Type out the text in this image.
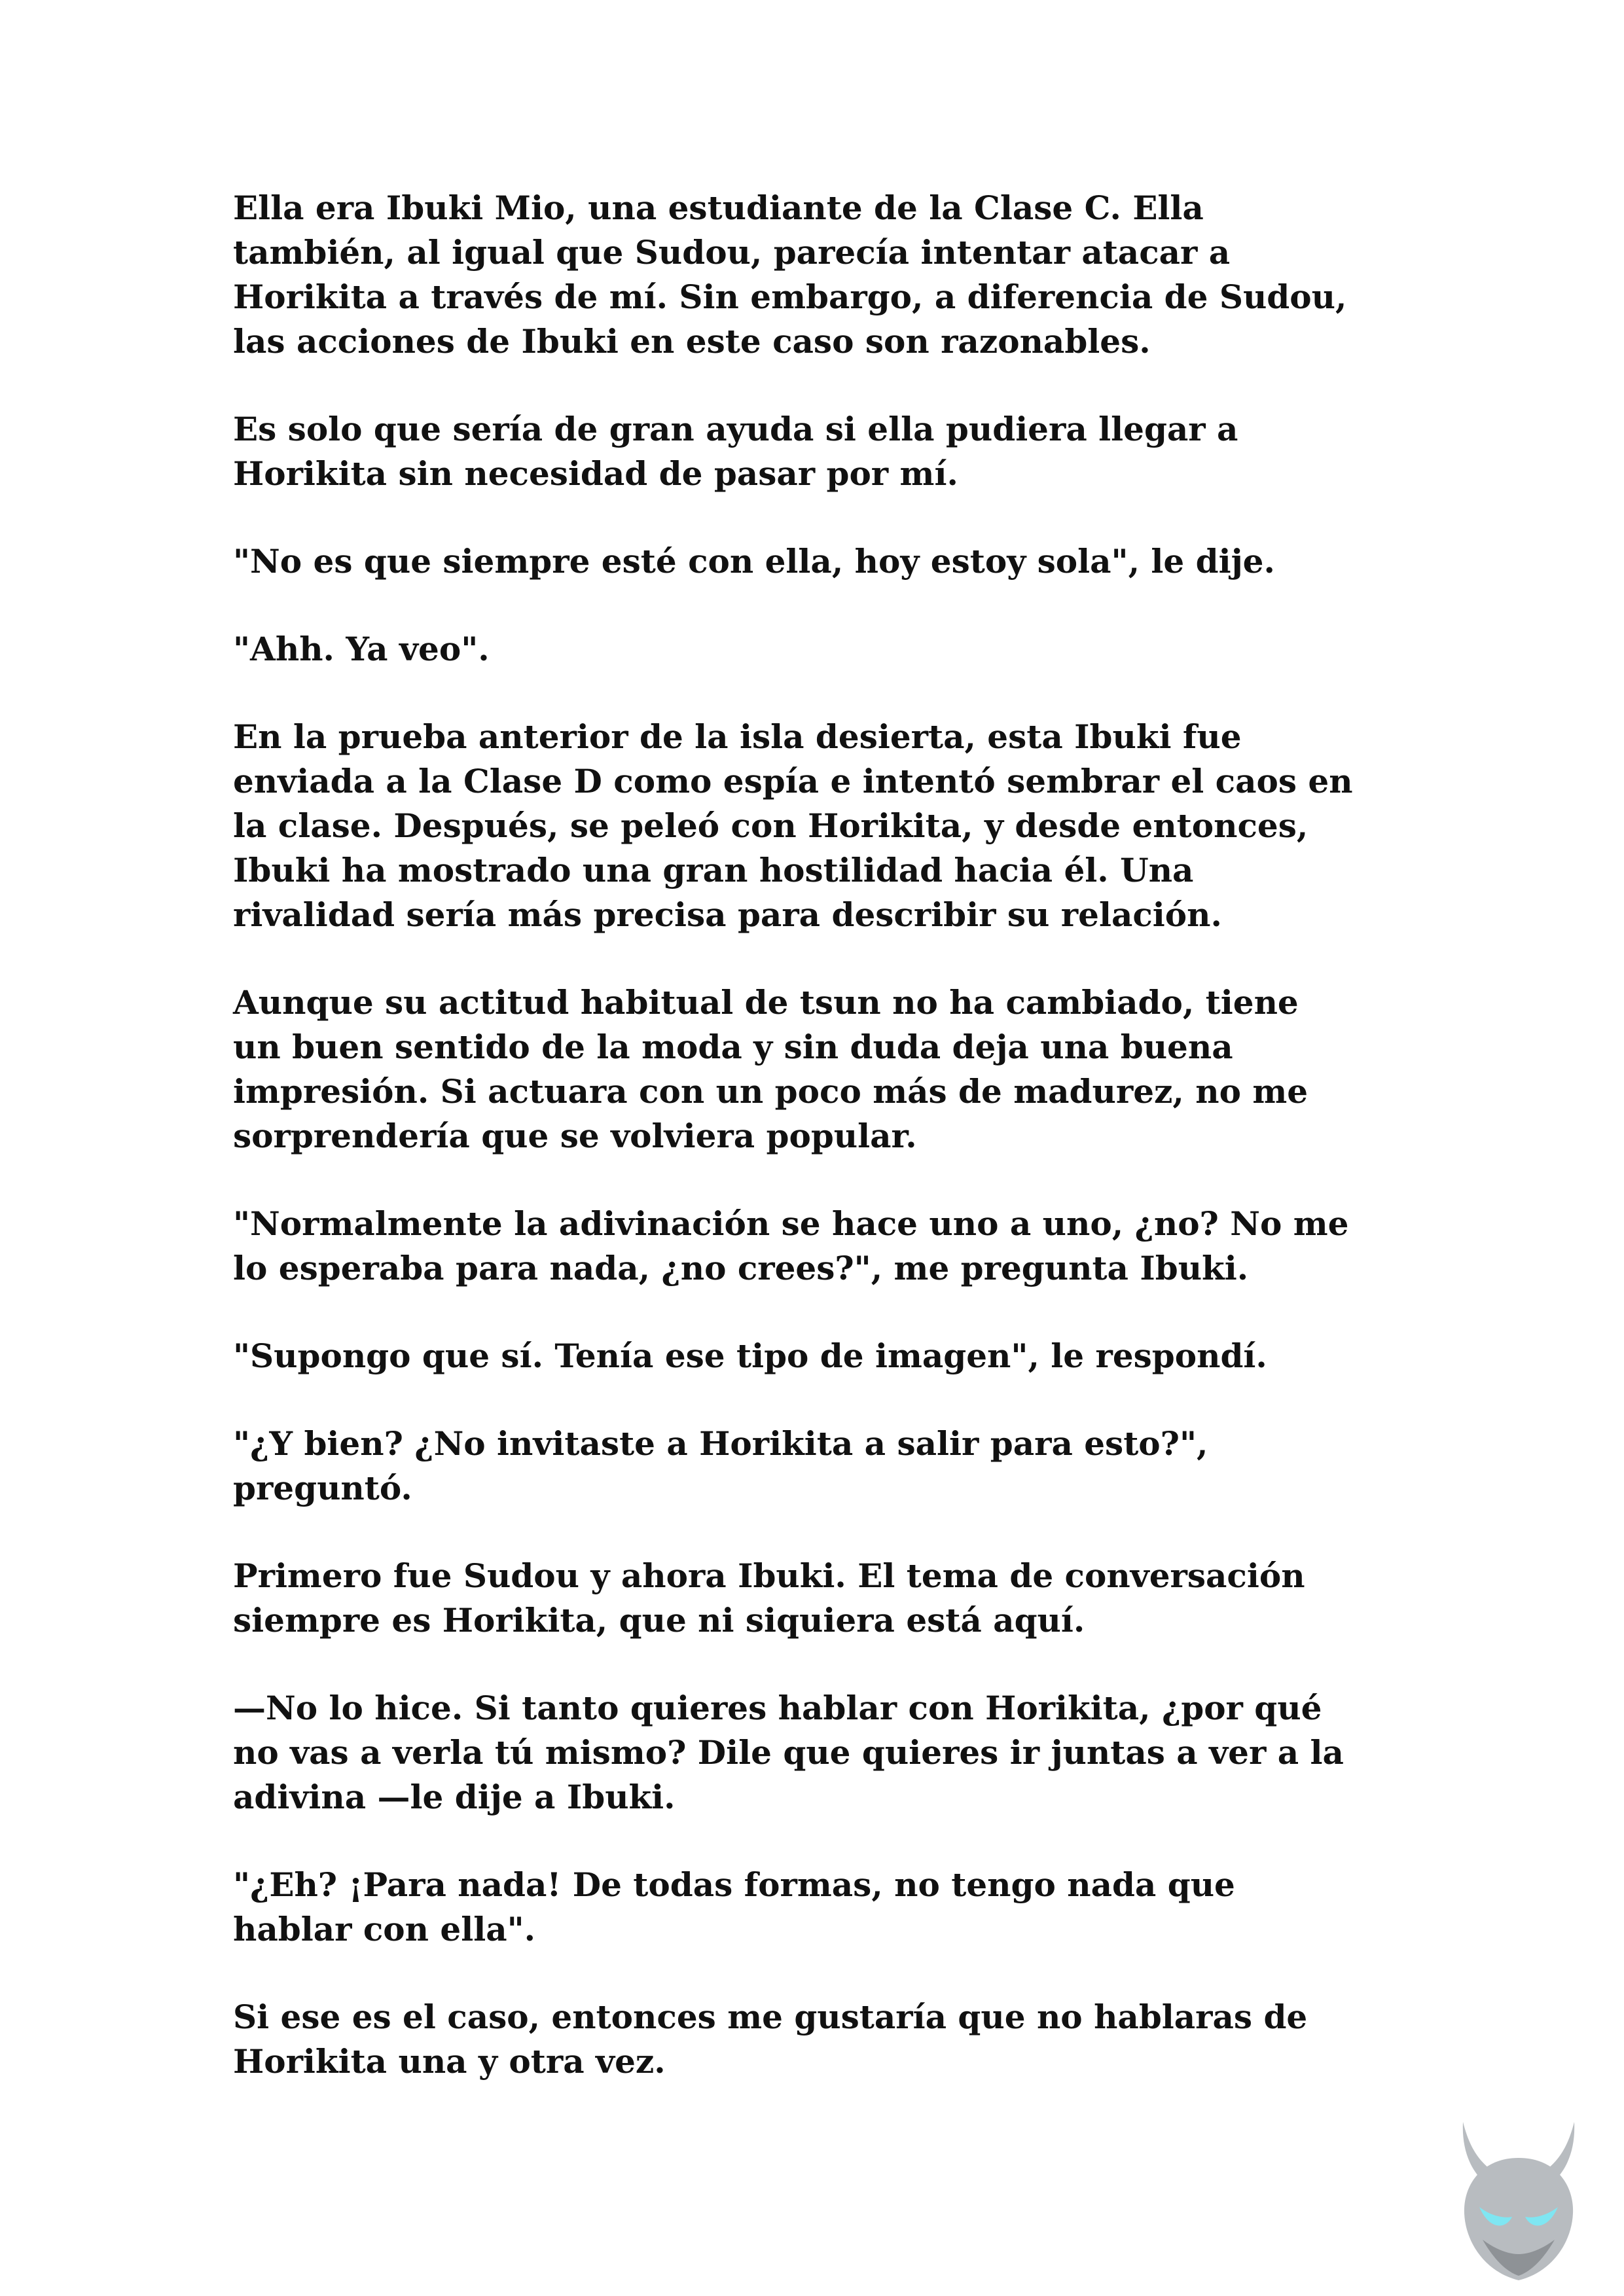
Ella era Ibuki Mio, una estudiante de la Clase C. Ella
también, al igual que Sudou, parecía intentar atacar a
Horikita a través de mí. Sin embargo, a diferencia de Sudou,
las acciones de Ibuki en este caso son razonables.

Es solo que sería de gran ayuda si ella pudiera llegar a
Horikita sin necesidad de pasar por mí.

"No es que siempre esté con ella, hoy estoy sola", le dije.

"Ahh. Ya veo".

En la prueba anterior de la isla desierta, esta Ibuki fue
enviada a la Clase D como espía e intentó sembrar el caos en
la clase. Después, se peleó con Horikita, y desde entonces,
Ibuki ha mostrado una gran hostilidad hacia él. Una
rivalidad sería más precisa para describir su relación.

Aunque su actitud habitual de tsun no ha cambiado, tiene
un buen sentido de la moda y sin duda deja una buena
impresión. Si actuara con un poco más de madurez, no me
sorprendería que se volviera popular.

"Normalmente la adivinación se hace uno a uno, ¿no? No me
lo esperaba para nada, ¿no crees?", me pregunta Ibuki.

"Supongo que sí. Tenía ese tipo de imagen", le respondí.

"¿Y bien? ¿No invitaste a Horikita a salir para esto?",
preguntó.

Primero fue Sudou y ahora Ibuki. El tema de conversación
siempre es Horikita, que ni siquiera está aquí.

—No lo hice. Si tanto quieres hablar con Horikita, ¿por qué
no vas a verla tú mismo? Dile que quieres ir juntas a ver a la
adivina —le dije a Ibuki.

"¿Eh? ¡Para nada! De todas formas, no tengo nada que
hablar con ella".

Si ese es el caso, entonces me gustaría que no hablaras de
Horikita una y otra vez.
